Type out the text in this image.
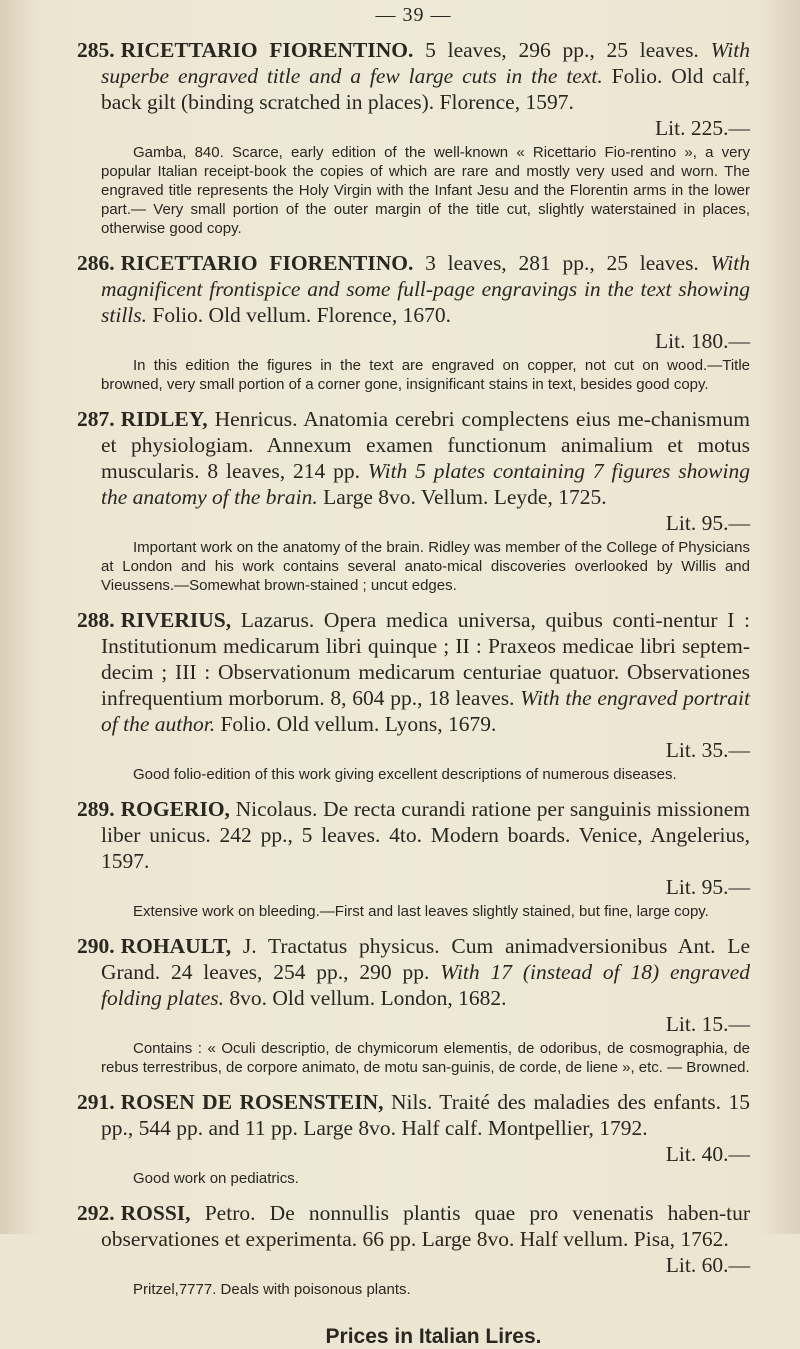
— 39 —

285. RICETTARIO FIORENTINO. 5 leaves, 296 pp., 25 leaves. With superbe engraved title and a few large cuts in the text. Folio. Old calf, back gilt (binding scratched in places). Florence, 1597.

Lit. 225.—

Gamba, 840. Scarce, early edition of the well-known « Ricettario Fio-rentino », a very popular Italian receipt-book the copies of which are rare and mostly very used and worn. The engraved title represents the Holy Virgin with the Infant Jesu and the Florentin arms in the lower part.— Very small portion of the outer margin of the title cut, slightly waterstained in places, otherwise good copy.

286. RICETTARIO FIORENTINO. 3 leaves, 281 pp., 25 leaves. With magnificent frontispice and some full-page engravings in the text showing stills. Folio. Old vellum. Florence, 1670.

Lit. 180.—

In this edition the figures in the text are engraved on copper, not cut on wood.—Title browned, very small portion of a corner gone, insignificant stains in text, besides good copy.

287. RIDLEY, Henricus. Anatomia cerebri complectens eius me-chanismum et physiologiam. Annexum examen functionum animalium et motus muscularis. 8 leaves, 214 pp. With 5 plates containing 7 figures showing the anatomy of the brain. Large 8vo. Vellum. Leyde, 1725.

Lit. 95.—

Important work on the anatomy of the brain. Ridley was member of the College of Physicians at London and his work contains several anato-mical discoveries overlooked by Willis and Vieussens.—Somewhat brown-stained ; uncut edges.

288. RIVERIUS, Lazarus. Opera medica universa, quibus conti-nentur I : Institutionum medicarum libri quinque ; II : Praxeos medicae libri septem-decim ; III : Observationum medicarum centuriae quatuor. Observationes infrequentium morborum. 8, 604 pp., 18 leaves. With the engraved portrait of the author. Folio. Old vellum. Lyons, 1679.

Lit. 35.—

Good folio-edition of this work giving excellent descriptions of numerous diseases.

289. ROGERIO, Nicolaus. De recta curandi ratione per sanguinis missionem liber unicus. 242 pp., 5 leaves. 4to. Modern boards. Venice, Angelerius, 1597.

Lit. 95.—

Extensive work on bleeding.—First and last leaves slightly stained, but fine, large copy.

290. ROHAULT, J. Tractatus physicus. Cum animadversionibus Ant. Le Grand. 24 leaves, 254 pp., 290 pp. With 17 (instead of 18) engraved folding plates. 8vo. Old vellum. London, 1682.

Lit. 15.—

Contains : « Oculi descriptio, de chymicorum elementis, de odoribus, de cosmographia, de rebus terrestribus, de corpore animato, de motu san-guinis, de corde, de liene », etc. — Browned.

291. ROSEN DE ROSENSTEIN, Nils. Traité des maladies des enfants. 15 pp., 544 pp. and 11 pp. Large 8vo. Half calf. Montpellier, 1792.

Lit. 40.—

Good work on pediatrics.

292. ROSSI, Petro. De nonnullis plantis quae pro venenatis haben-tur observationes et experimenta. 66 pp. Large 8vo. Half vellum. Pisa, 1762.

Lit. 60.—

Pritzel,7777. Deals with poisonous plants.

Prices in Italian Lires.
